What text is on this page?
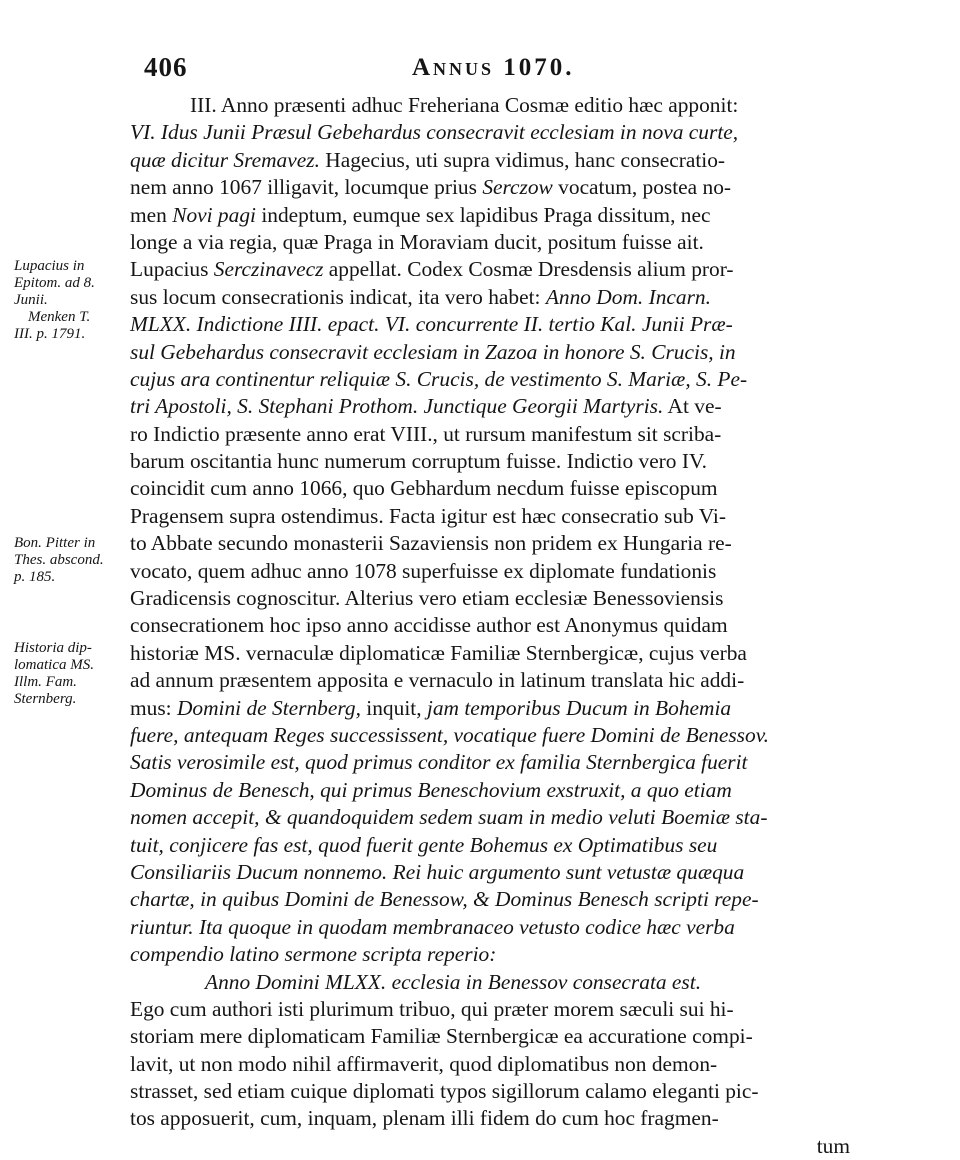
406	Annus 1070.
Lupacius in
Epitom. ad 8.
Junii.
Menken T.
III. p. 1791.
Bon. Pitter in
Thes. abscond.
p. 185.
Historia dip-
lomatica MS.
Illm. Fam.
Sternberg.
III. Anno præsenti adhuc Freheriana Cosmæ editio hæc apponit:
VI. Idus Junii Præsul Gebehardus consecravit ecclesiam in nova curte,
quæ dicitur Sremavez. Hagecius, uti supra vidimus, hanc consecratio-
nem anno 1067 illigavit, locumque prius Serczow vocatum, postea no-
men Novi pagi indeptum, eumque sex lapidibus Praga dissitum, nec
longe a via regia, quæ Praga in Moraviam ducit, positum fuisse ait.
Lupacius Serczinavecz appellat. Codex Cosmæ Dresdensis alium pror-
sus locum consecrationis indicat, ita vero habet: Anno Dom. Incarn.
MLXX. Indictione IIII. epact. VI. concurrente II. tertio Kal. Junii Præ-
sul Gebehardus consecravit ecclesiam in Zazoa in honore S. Crucis, in
cujus ara continentur reliquiæ S. Crucis, de vestimento S. Mariæ, S. Pe-
tri Apostoli, S. Stephani Prothom. Junctique Georgii Martyris. At ve-
ro Indictio præsente anno erat VIII., ut rursum manifestum sit scriba-
barum oscitantia hunc numerum corruptum fuisse. Indictio vero IV.
coincidit cum anno 1066, quo Gebhardum necdum fuisse episcopum
Pragensem supra ostendimus. Facta igitur est hæc consecratio sub Vi-
to Abbate secundo monasterii Sazaviensis non pridem ex Hungaria re-
vocato, quem adhuc anno 1078 superfuisse ex diplomate fundationis
Gradicensis cognoscitur. Alterius vero etiam ecclesiæ Benessoviensis
consecrationem hoc ipso anno accidisse author est Anonymus quidam
historiæ MS. vernaculæ diplomaticæ Familiæ Sternbergicæ, cujus verba
ad annum præsentem apposita e vernaculo in latinum translata hic addi-
mus: Domini de Sternberg, inquit, jam temporibus Ducum in Bohemia
fuere, antequam Reges successissent, vocatique fuere Domini de Benessov.
Satis verosimile est, quod primus conditor ex familia Sternbergica fuerit
Dominus de Benesch, qui primus Beneschovium exstruxit, a quo etiam
nomen accepit, & quandoquidem sedem suam in medio veluti Boemiæ sta-
tuit, conjicere fas est, quod fuerit gente Bohemus ex Optimatibus seu
Consiliariis Ducum nonnemo. Rei huic argumento sunt vetustæ quæqua
chartæ, in quibus Domini de Benessow, & Dominus Benesch scripti repe-
riuntur. Ita quoque in quodam membranaceo vetusto codice hæc verba
compendio latino sermone scripta reperio:
Anno Domini MLXX. ecclesia in Benessov consecrata est.
Ego cum authori isti plurimum tribuo, qui præter morem sæculi sui hi-
storiam mere diplomaticam Familiæ Sternbergicæ ea accuratione compi-
lavit, ut non modo nihil affirmaverit, quod diplomatibus non demon-
strasset, sed etiam cuique diplomati typos sigillorum calamo eleganti pic-
tos apposuerit, cum, inquam, plenam illi fidem do cum hoc fragmen-
tum
